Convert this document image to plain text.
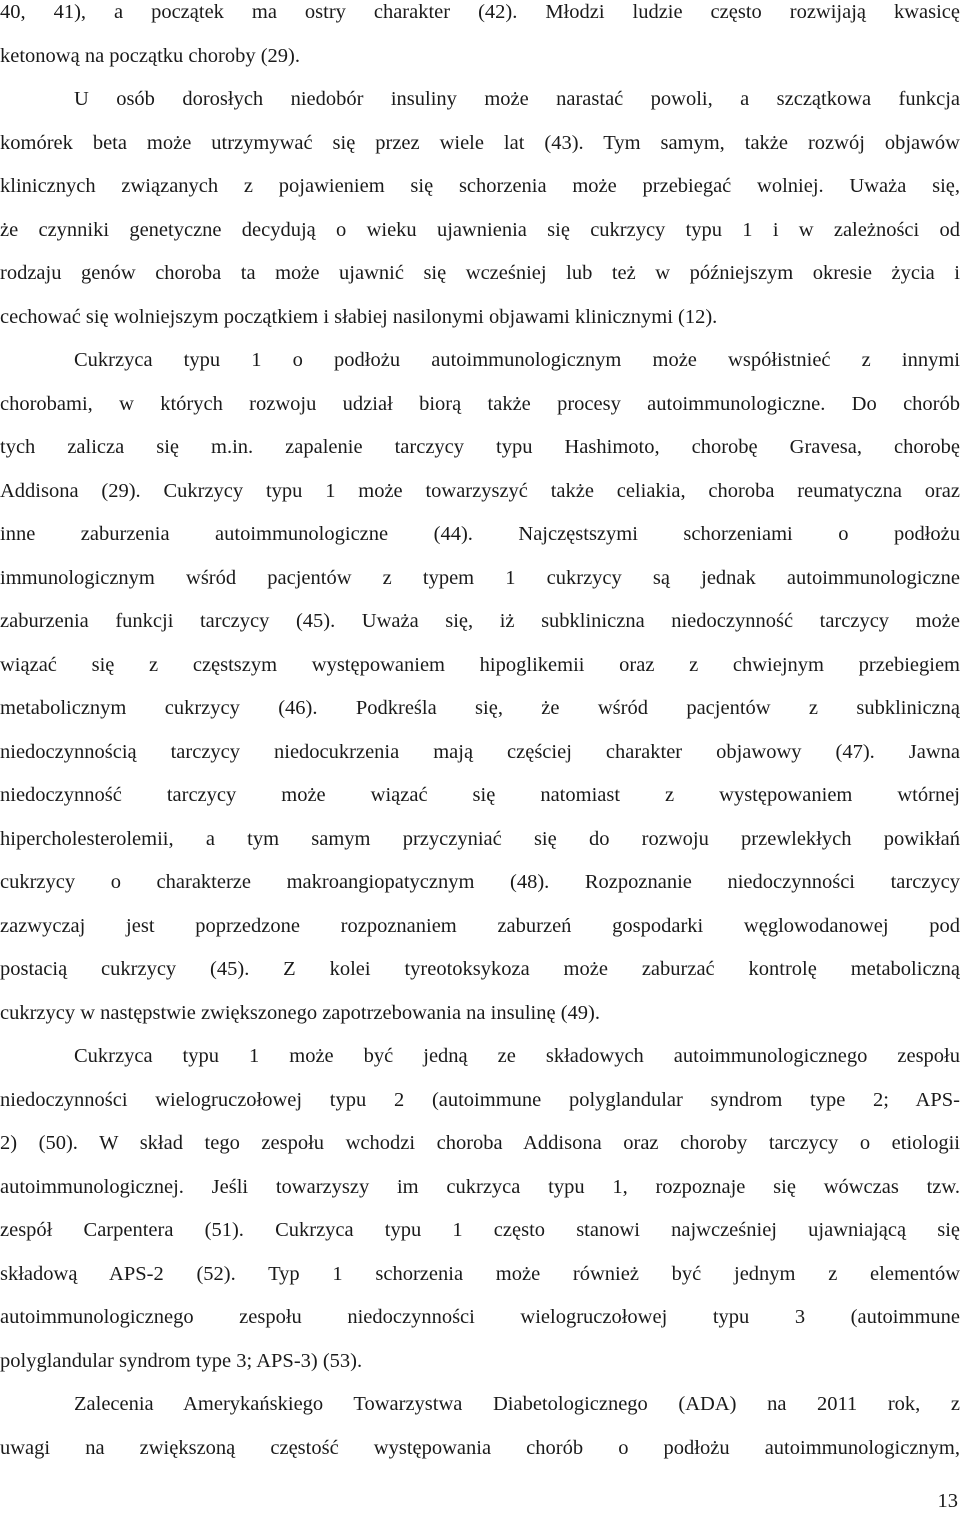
40, 41), a początek ma ostry charakter (42). Młodzi ludzie często rozwijają kwasicę

ketonową na początku choroby (29).

U osób dorosłych niedobór insuliny może narastać powoli, a szczątkowa funkcja

komórek beta może utrzymywać się przez wiele lat (43). Tym samym, także rozwój objawów

klinicznych związanych z pojawieniem się schorzenia może przebiegać wolniej. Uważa się,

że czynniki genetyczne decydują o wieku ujawnienia się cukrzycy typu 1 i w zależności od

rodzaju genów choroba ta może ujawnić się wcześniej lub też w późniejszym okresie życia i

cechować się wolniejszym początkiem i słabiej nasilonymi objawami klinicznymi (12).

Cukrzyca typu 1 o podłożu autoimmunologicznym może współistnieć z innymi

chorobami, w których rozwoju udział biorą także procesy autoimmunologiczne. Do chorób

tych zalicza się m.in. zapalenie tarczycy typu Hashimoto, chorobę Gravesa, chorobę

Addisona (29). Cukrzycy typu 1 może towarzyszyć także celiakia, choroba reumatyczna oraz

inne zaburzenia autoimmunologiczne (44). Najczęstszymi schorzeniami o podłożu

immunologicznym wśród pacjentów z typem 1 cukrzycy są jednak autoimmunologiczne

zaburzenia funkcji tarczycy (45). Uważa się, iż subkliniczna niedoczynność tarczycy może

wiązać się z częstszym występowaniem hipoglikemii oraz z chwiejnym przebiegiem

metabolicznym cukrzycy (46). Podkreśla się, że wśród pacjentów z subkliniczną

niedoczynnością tarczycy niedocukrzenia mają częściej charakter objawowy (47). Jawna

niedoczynność tarczycy może wiązać się natomiast z występowaniem wtórnej

hipercholesterolemii, a tym samym przyczyniać się do rozwoju przewlekłych powikłań

cukrzycy o charakterze makroangiopatycznym (48). Rozpoznanie niedoczynności tarczycy

zazwyczaj jest poprzedzone rozpoznaniem zaburzeń gospodarki węglowodanowej pod

postacią cukrzycy (45). Z kolei tyreotoksykoza może zaburzać kontrolę metaboliczną

cukrzycy w następstwie zwiększonego zapotrzebowania na insulinę (49).

Cukrzyca typu 1 może być jedną ze składowych autoimmunologicznego zespołu

niedoczynności wielogruczołowej typu 2 (autoimmune polyglandular syndrom type 2; APS-

2) (50). W skład tego zespołu wchodzi choroba Addisona oraz choroby tarczycy o etiologii

autoimmunologicznej. Jeśli towarzyszy im cukrzyca typu 1, rozpoznaje się wówczas tzw.

zespół Carpentera (51). Cukrzyca typu 1 często stanowi najwcześniej ujawniającą się

składową APS-2 (52). Typ 1 schorzenia może również być jednym z elementów

autoimmunologicznego zespołu niedoczynności wielogruczołowej typu 3 (autoimmune

polyglandular syndrom type 3; APS-3) (53).

Zalecenia Amerykańskiego Towarzystwa Diabetologicznego (ADA) na 2011 rok, z

uwagi na zwiększoną częstość występowania chorób o podłożu autoimmunologicznym,

13
